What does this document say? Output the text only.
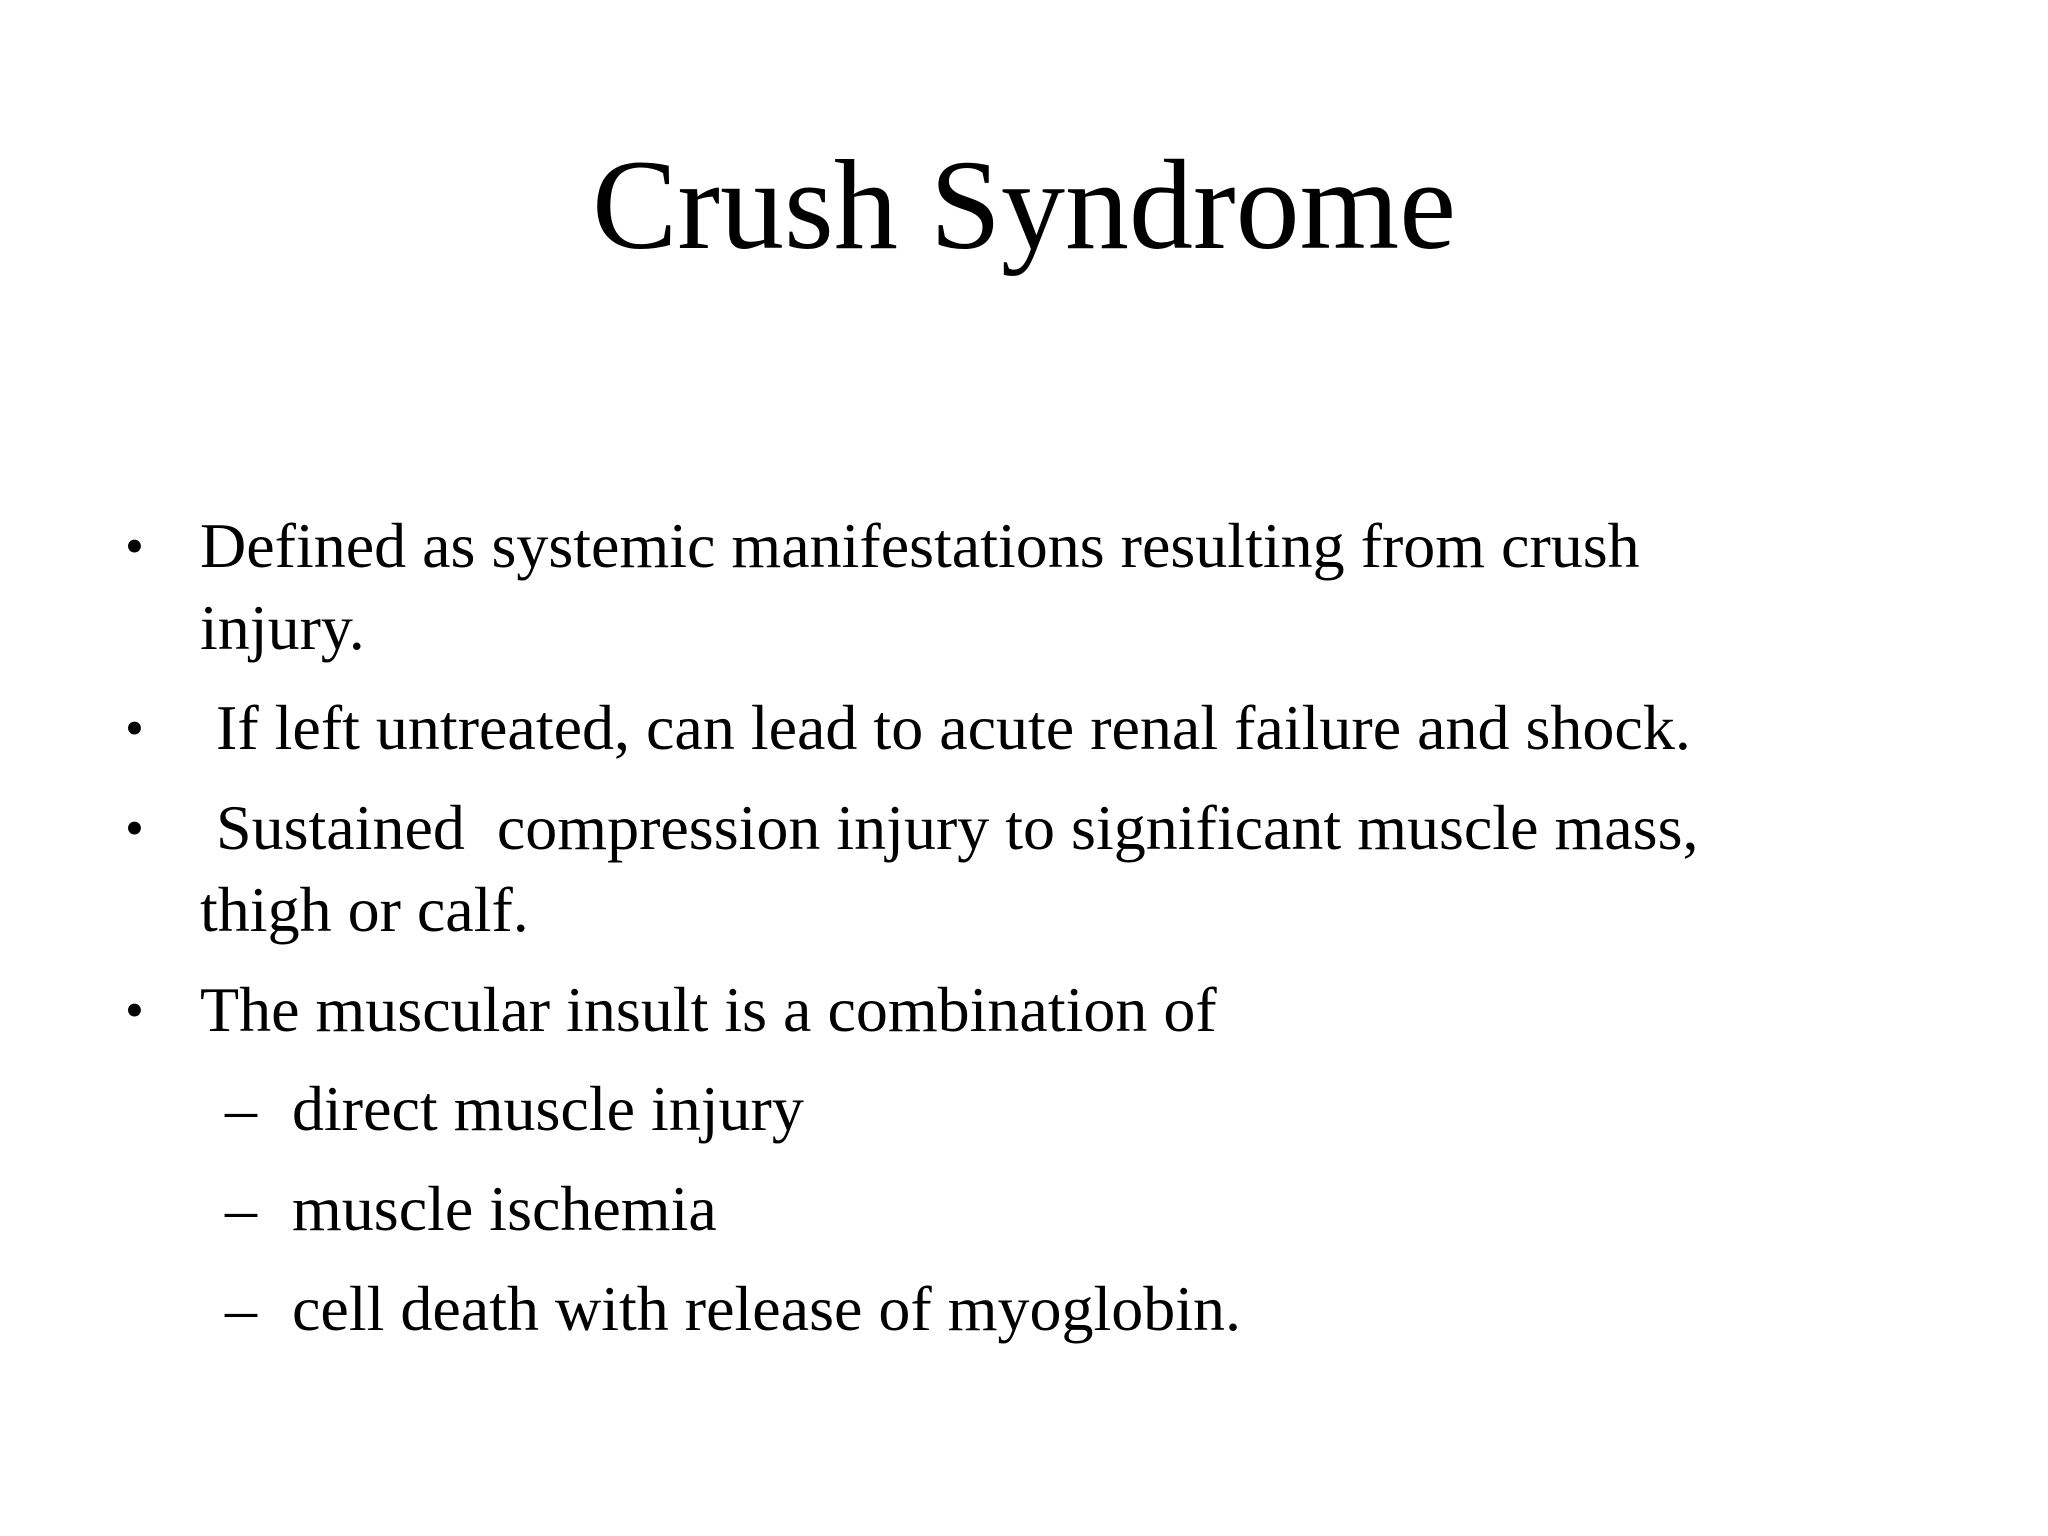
Crush Syndrome
• Defined as systemic manifestations resulting from crush
injury.
• If left untreated, can lead to acute renal failure and shock.
• Sustained  compression injury to significant muscle mass,
thigh or calf.
• The muscular insult is a combination of
– direct muscle injury
– muscle ischemia
– cell death with release of myoglobin.
